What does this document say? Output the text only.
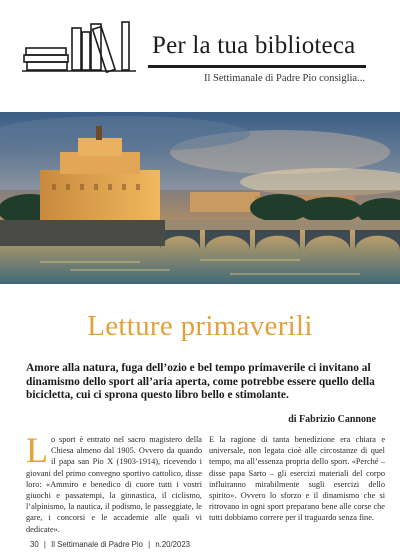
Per la tua biblioteca
Il Settimanale di Padre Pio consiglia...
Letture primaverili
Amore alla natura, fuga dell’ozio e bel tempo primaverile ci invitano al dinamismo dello sport all’aria aperta, come potrebbe essere quello della bicicletta, cui ci sprona questo libro bello e stimolante.
di Fabrizio Cannone
Lo sport è entrato nel sacro magistero della Chiesa almeno dal 1905. Ovvero da quando il papa san Pio X (1903-1914), ricevendo i giovani del primo convegno sportivo cattolico, disse loro: «Ammiro e benedico di cuore tutti i vostri giuochi e passatempi, la ginnastica, il ciclismo, l’alpinismo, la nautica, il podismo, le passeggiate, le gare, i concorsi e le accademie alle quali vi dedicate».
E la ragione di tanta benedizione era chiara e universale, non legata cioè alle circostanze di quel tempo, ma all’essenza propria dello sport. «Perché – disse papa Sarto – gli esercizi materiali del corpo influiranno mirabilmente sugli esercizi dello spirito». Ovvero lo sforzo e il dinamismo che si ritrovano in ogni sport preparano bene alle corse che tutti dobbiamo correre per il traguardo senza fine.
30 | Il Settimanale di Padre Pio | n.20/2023
